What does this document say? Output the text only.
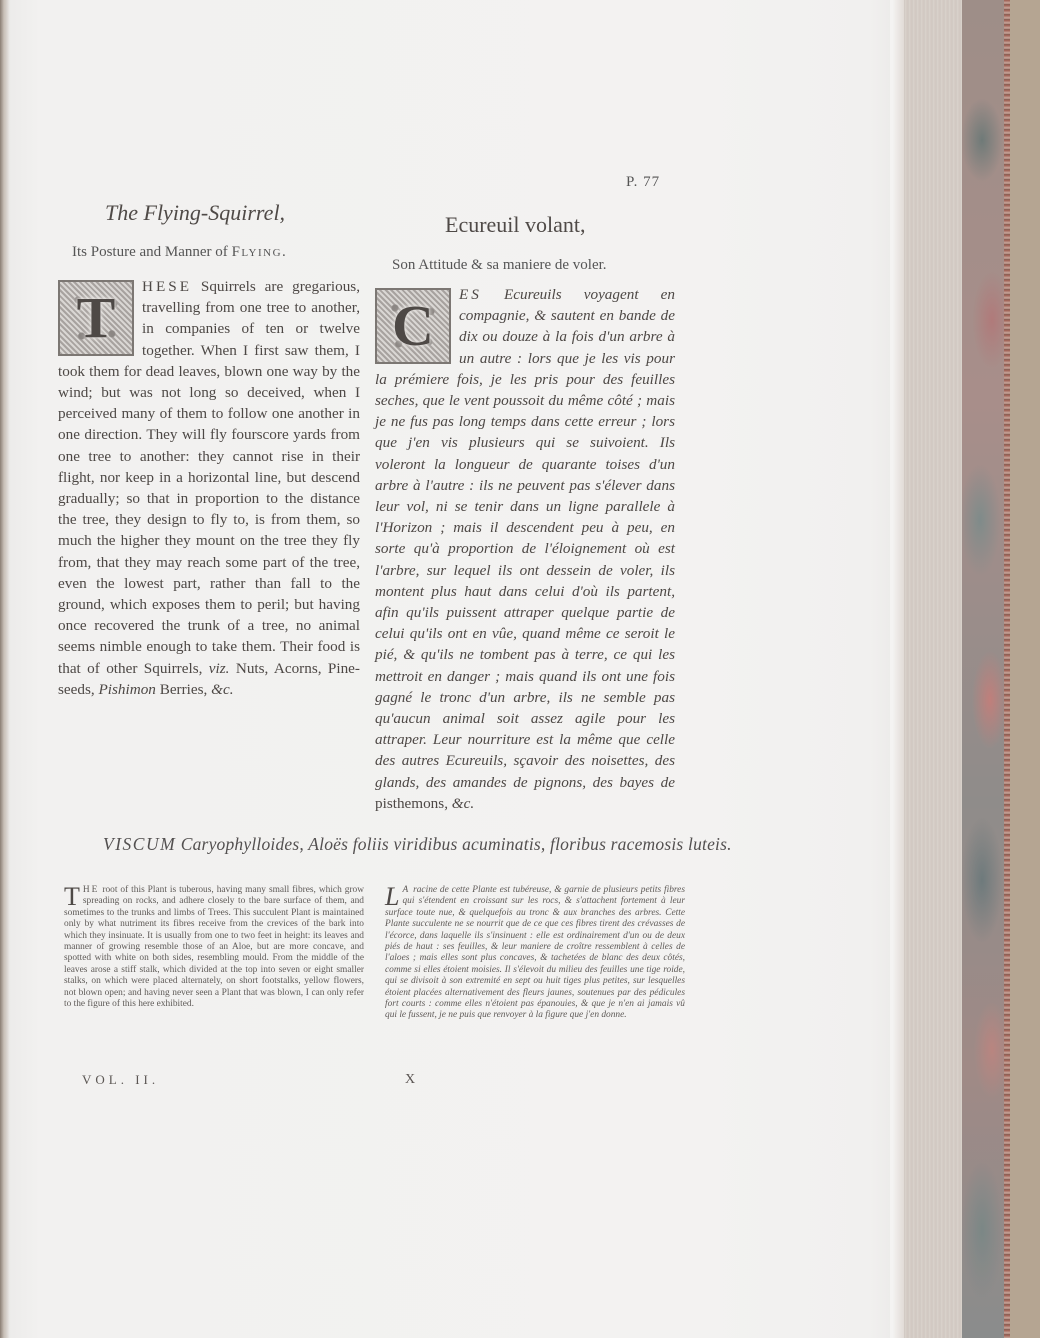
P. 77
The Flying-Squirrel,
Its Posture and Manner of Flying.
Ecureuil volant,
Son Attitude & sa maniere de voler.
T	HESE Squirrels are gregarious, travelling from one tree to another, in companies of ten or twelve together. When I first saw them, I took them for dead leaves, blown one way by the wind; but was not long so deceived, when I perceived many of them to follow one another in one direction. They will fly fourscore yards from one tree to another: they cannot rise in their flight, nor keep in a horizontal line, but descend gradually; so that in proportion to the distance the tree, they design to fly to, is from them, so much the higher they mount on the tree they fly from, that they may reach some part of the tree, even the lowest part, rather than fall to the ground, which exposes them to peril; but having once recovered the trunk of a tree, no animal seems nimble enough to take them. Their food is that of other Squirrels, viz. Nuts, Acorns, Pine-seeds, Pishimon Berries, &c.
C	ES Ecureuils voyagent en compagnie, & sautent en bande de dix ou douze à la fois d'un arbre à un autre : lors que je les vis pour la prémiere fois, je les pris pour des feuilles seches, que le vent poussoit du même côté ; mais je ne fus pas long temps dans cette erreur ; lors que j'en vis plusieurs qui se suivoient. Ils voleront la longueur de quarante toises d'un arbre à l'autre : ils ne peuvent pas s'élever dans leur vol, ni se tenir dans un ligne parallele à l'Horizon ; mais il descendent peu à peu, en sorte qu'à proportion de l'éloignement où est l'arbre, sur lequel ils ont dessein de voler, ils montent plus haut dans celui d'où ils partent, afin qu'ils puissent attraper quelque partie de celui qu'ils ont en vûe, quand même ce seroit le pié, & qu'ils ne tombent pas à terre, ce qui les mettroit en danger ; mais quand ils ont une fois gagné le tronc d'un arbre, ils ne semble pas qu'aucun animal soit assez agile pour les attraper. Leur nourriture est la même que celle des autres Ecureuils, sçavoir des noisettes, des glands, des amandes de pignons, des bayes de pisthemons, &c.
VISCUM Caryophylloides, Aloës foliis viridibus acuminatis, floribus racemosis luteis.
THE root of this Plant is tuberous, having many small fibres, which grow spreading on rocks, and adhere closely to the bare surface of them, and sometimes to the trunks and limbs of Trees. This succulent Plant is maintained only by what nutriment its fibres receive from the crevices of the bark into which they insinuate. It is usually from one to two feet in height: its leaves and manner of growing resemble those of an Aloe, but are more concave, and spotted with white on both sides, resembling mould. From the middle of the leaves arose a stiff stalk, which divided at the top into seven or eight smaller stalks, on which were placed alternately, on short footstalks, yellow flowers, not blown open; and having never seen a Plant that was blown, I can only refer to the figure of this here exhibited.
L A racine de cette Plante est tubéreuse, & garnie de plusieurs petits fibres qui s'étendent en croissant sur les rocs, & s'attachent fortement à leur surface toute nue, & quelquefois au tronc & aux branches des arbres. Cette Plante succulente ne se nourrit que de ce que ces fibres tirent des crévasses de l'écorce, dans laquelle ils s'insinuent : elle est ordinairement d'un ou de deux piés de haut : ses feuilles, & leur maniere de croître ressemblent à celles de l'aloes ; mais elles sont plus concaves, & tachetées de blanc des deux côtés, comme si elles étoient moisies. Il s'élevoit du milieu des feuilles une tige roide, qui se divisoit à son extremité en sept ou huit tiges plus petites, sur lesquelles étoient placées alternativement des fleurs jaunes, soutenues par des pédicules fort courts : comme elles n'étoient pas épanouies, & que je n'en ai jamais vû qui le fussent, je ne puis que renvoyer à la figure que j'en donne.
VOL. II.	X
